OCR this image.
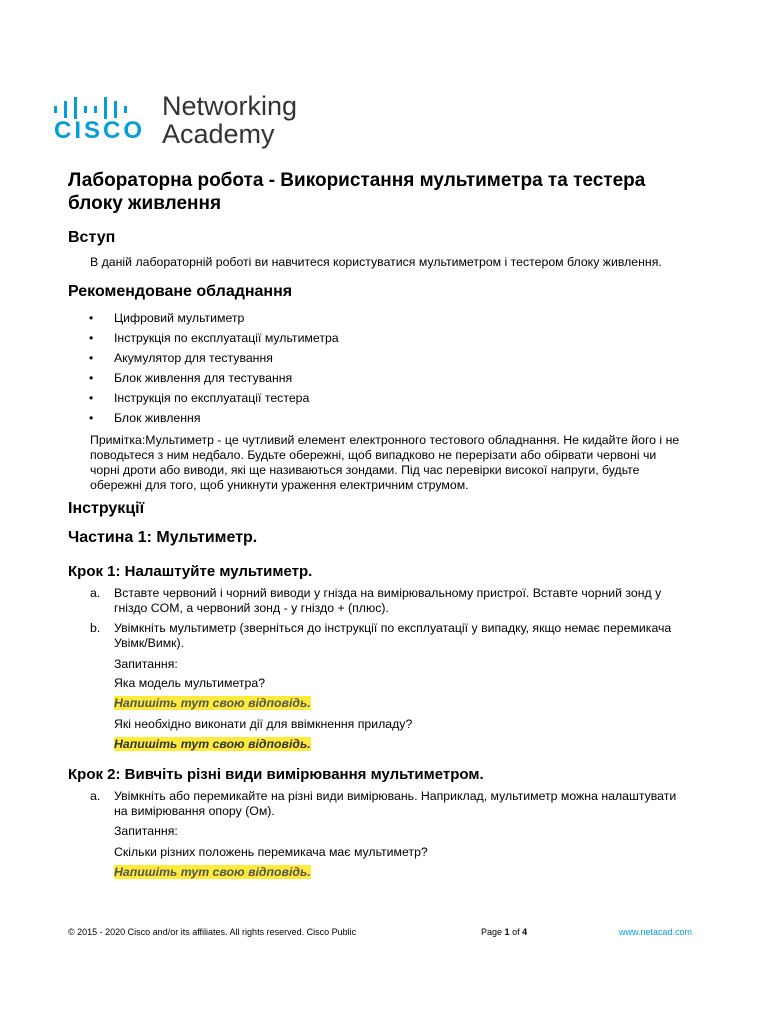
CISCO
Networking
Academy
Лабораторна робота - Використання мультиметра та тестера
блоку живлення
Вступ

В даній лабораторній роботі ви навчитеся користуватися мультиметром і тестером блоку живлення.

Рекомендоване обладнання
• Цифровий мультиметр
• Інструкція по експлуатації мультиметра
• Акумулятор для тестування
• Блок живлення для тестування
• Інструкція по експлуатації тестера
• Блок живлення

Примітка:Мультиметр - це чутливий елемент електронного тестового обладнання. Не кидайте його і не

поводьтеся з ним недбало. Будьте обережні, щоб випадково не перерізати або обірвати червоні чи

чорні дроти або виводи, які ще називаються зондами. Під час перевірки високої напруги, будьте

обережні для того, щоб уникнути ураження електричним струмом.

Інструкції
Частина 1: Мультиметр.
Крок 1: Налаштуйте мультиметр.

a. Вставте червоний і чорний виводи у гнізда на вимірювальному пристрої. Вставте чорний зонд у

гніздо COM, а червоний зонд - у гніздо + (плюс).

b. Увімкніть мультиметр (зверніться до інструкції по експлуатації у випадку, якщо немає перемикача

Увімк/Вимк).

Запитання:

Яка модель мультиметра?

Напишіть тут свою відповідь.

Які необхідно виконати дії для ввімкнення приладу?

Напишіть тут свою відповідь.

Крок 2: Вивчіть різні види вимірювання мультиметром.

a. Увімкніть або перемикайте на різні види вимірювань. Наприклад, мультиметр можна налаштувати

на вимірювання опору (Ом).

Запитання:

Скільки різних положень перемикача має мультиметр?

Напишіть тут свою відповідь.

© 2015 - 2020 Cisco and/or its affiliates. All rights reserved. Cisco Public	Page 1 of 4	www.netacad.com
